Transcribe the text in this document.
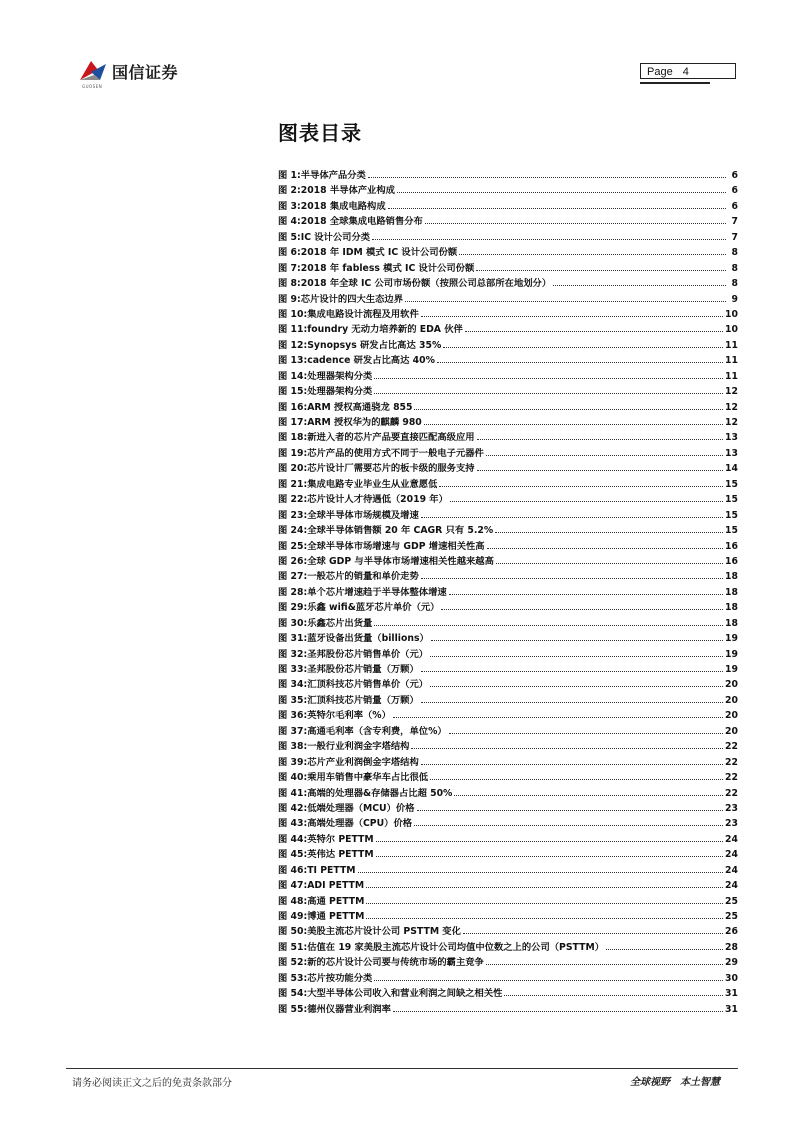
国信证券
GUOSEN
Page 4
图表目录
图 1: 半导体产品分类	6
图 2: 2018 半导体产业构成	6
图 3: 2018 集成电路构成	6
图 4: 2018 全球集成电路销售分布	7
图 5: IC 设计公司分类	7
图 6: 2018 年 IDM 模式 IC 设计公司份额	8
图 7: 2018 年 fabless 模式 IC 设计公司份额	8
图 8: 2018 年全球 IC 公司市场份额（按照公司总部所在地划分）	8
图 9: 芯片设计的四大生态边界	9
图 10: 集成电路设计流程及用软件	10
图 11: foundry 无动力培养新的 EDA 伙伴	10
图 12: Synopsys 研发占比高达 35%	11
图 13: cadence 研发占比高达 40%	11
图 14: 处理器架构分类	11
图 15: 处理器架构分类	12
图 16: ARM 授权高通骁龙 855	12
图 17: ARM 授权华为的麒麟 980	12
图 18: 新进入者的芯片产品要直接匹配高级应用	13
图 19: 芯片产品的使用方式不同于一般电子元器件	13
图 20: 芯片设计厂需要芯片的板卡级的服务支持	14
图 21: 集成电路专业毕业生从业意愿低	15
图 22: 芯片设计人才待遇低（2019 年）	15
图 23: 全球半导体市场规模及增速	15
图 24: 全球半导体销售额 20 年 CAGR 只有 5.2%	15
图 25: 全球半导体市场增速与 GDP 增速相关性高	16
图 26: 全球 GDP 与半导体市场增速相关性越来越高	16
图 27: 一般芯片的销量和单价走势	18
图 28: 单个芯片增速趋于半导体整体增速	18
图 29: 乐鑫 wifi&蓝牙芯片单价（元）	18
图 30: 乐鑫芯片出货量	18
图 31: 蓝牙设备出货量（billions）	19
图 32: 圣邦股份芯片销售单价（元）	19
图 33: 圣邦股份芯片销量（万颗）	19
图 34: 汇顶科技芯片销售单价（元）	20
图 35: 汇顶科技芯片销量（万颗）	20
图 36: 英特尔毛利率（%）	20
图 37: 高通毛利率（含专利费，单位%）	20
图 38: 一般行业利润金字塔结构	22
图 39: 芯片产业利润倒金字塔结构	22
图 40: 乘用车销售中豪华车占比很低	22
图 41: 高端的处理器&存储器占比超 50%	22
图 42: 低端处理器（MCU）价格	23
图 43: 高端处理器（CPU）价格	23
图 44: 英特尔 PETTM	24
图 45: 英伟达 PETTM	24
图 46: TI PETTM	24
图 47: ADI PETTM	24
图 48: 高通 PETTM	25
图 49: 博通 PETTM	25
图 50: 美股主流芯片设计公司 PSTTM 变化	26
图 51: 估值在 19 家美股主流芯片设计公司均值中位数之上的公司（PSTTM）	28
图 52: 新的芯片设计公司要与传统市场的霸主竞争	29
图 53: 芯片按功能分类	30
图 54: 大型半导体公司收入和营业利润之间缺之相关性	31
图 55: 德州仪器营业利润率	31
请务必阅读正文之后的免责条款部分	全球视野 本土智慧
